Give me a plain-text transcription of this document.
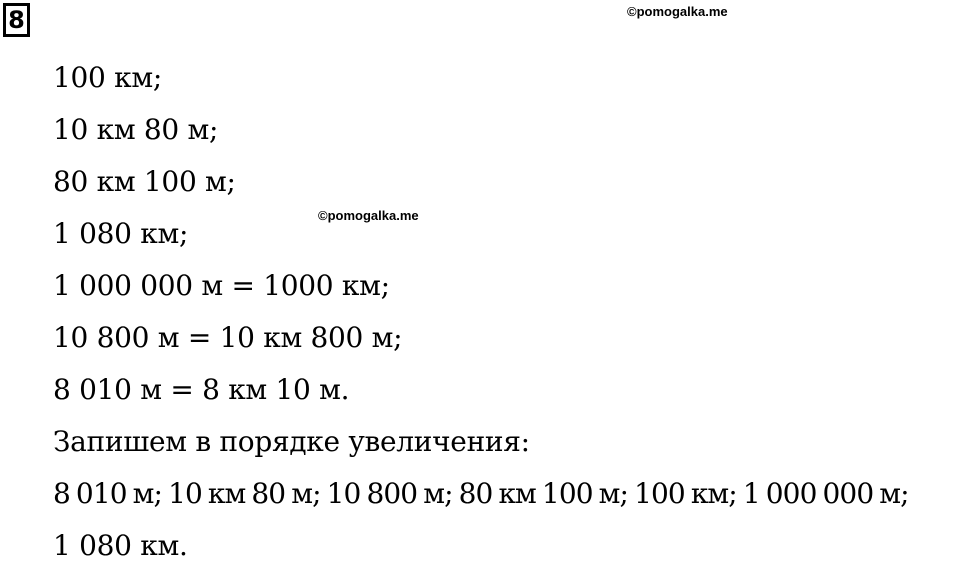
8	©pomogalka.me
©pomogalka.me
100 км;
10 км 80 м;
80 км 100 м;
1 080 км;
1 000 000 м = 1000 км;
10 800 м = 10 км 800 м;
8 010 м = 8 км 10 м.
Запишем в порядке увеличения:
8 010 м; 10 км 80 м; 10 800 м; 80 км 100 м; 100 км; 1 000 000 м;
1 080 км.
